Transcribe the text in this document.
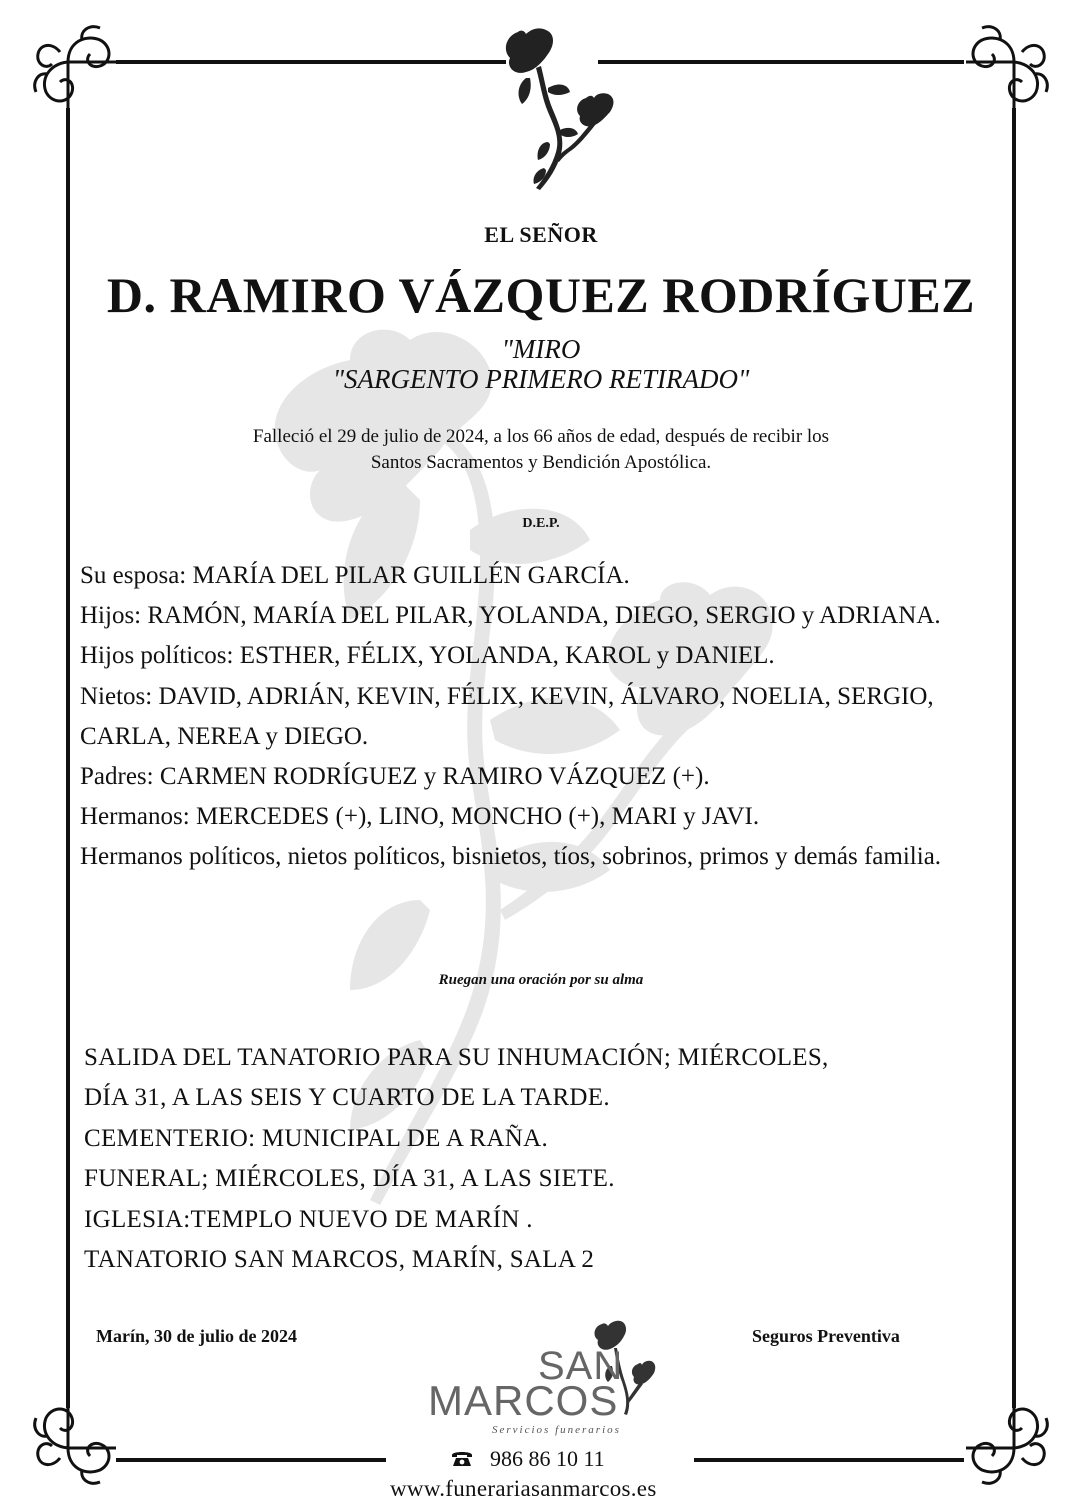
EL SEÑOR
D. RAMIRO VÁZQUEZ RODRÍGUEZ
"MIRO
"SARGENTO PRIMERO RETIRADO"
Falleció el 29 de julio de 2024, a los 66 años de edad, después de recibir los
Santos Sacramentos y Bendición Apostólica.
D.E.P.

Su esposa: MARÍA DEL PILAR GUILLÉN GARCÍA.

Hijos: RAMÓN, MARÍA DEL PILAR, YOLANDA, DIEGO, SERGIO y ADRIANA.

Hijos políticos: ESTHER, FÉLIX, YOLANDA, KAROL y DANIEL.

Nietos: DAVID, ADRIÁN, KEVIN, FÉLIX, KEVIN, ÁLVARO, NOELIA, SERGIO, CARLA, NEREA y DIEGO.

Padres: CARMEN RODRÍGUEZ y RAMIRO VÁZQUEZ (+).

Hermanos: MERCEDES (+), LINO, MONCHO (+), MARI y JAVI.

Hermanos políticos, nietos políticos, bisnietos, tíos, sobrinos, primos y demás familia.

Ruegan una oración por su alma

SALIDA DEL TANATORIO PARA SU INHUMACIÓN; MIÉRCOLES,

DÍA 31, A LAS SEIS Y CUARTO DE LA TARDE.

CEMENTERIO: MUNICIPAL DE A RAÑA.

FUNERAL; MIÉRCOLES, DÍA 31, A LAS SIETE.

IGLESIA:TEMPLO NUEVO DE MARÍN .

TANATORIO SAN MARCOS, MARÍN, SALA 2

Marín, 30 de julio de 2024	Seguros Preventiva
SAN
MARCOS
Servicios funerarios
986 86 10 11
www.funerariasanmarcos.es
